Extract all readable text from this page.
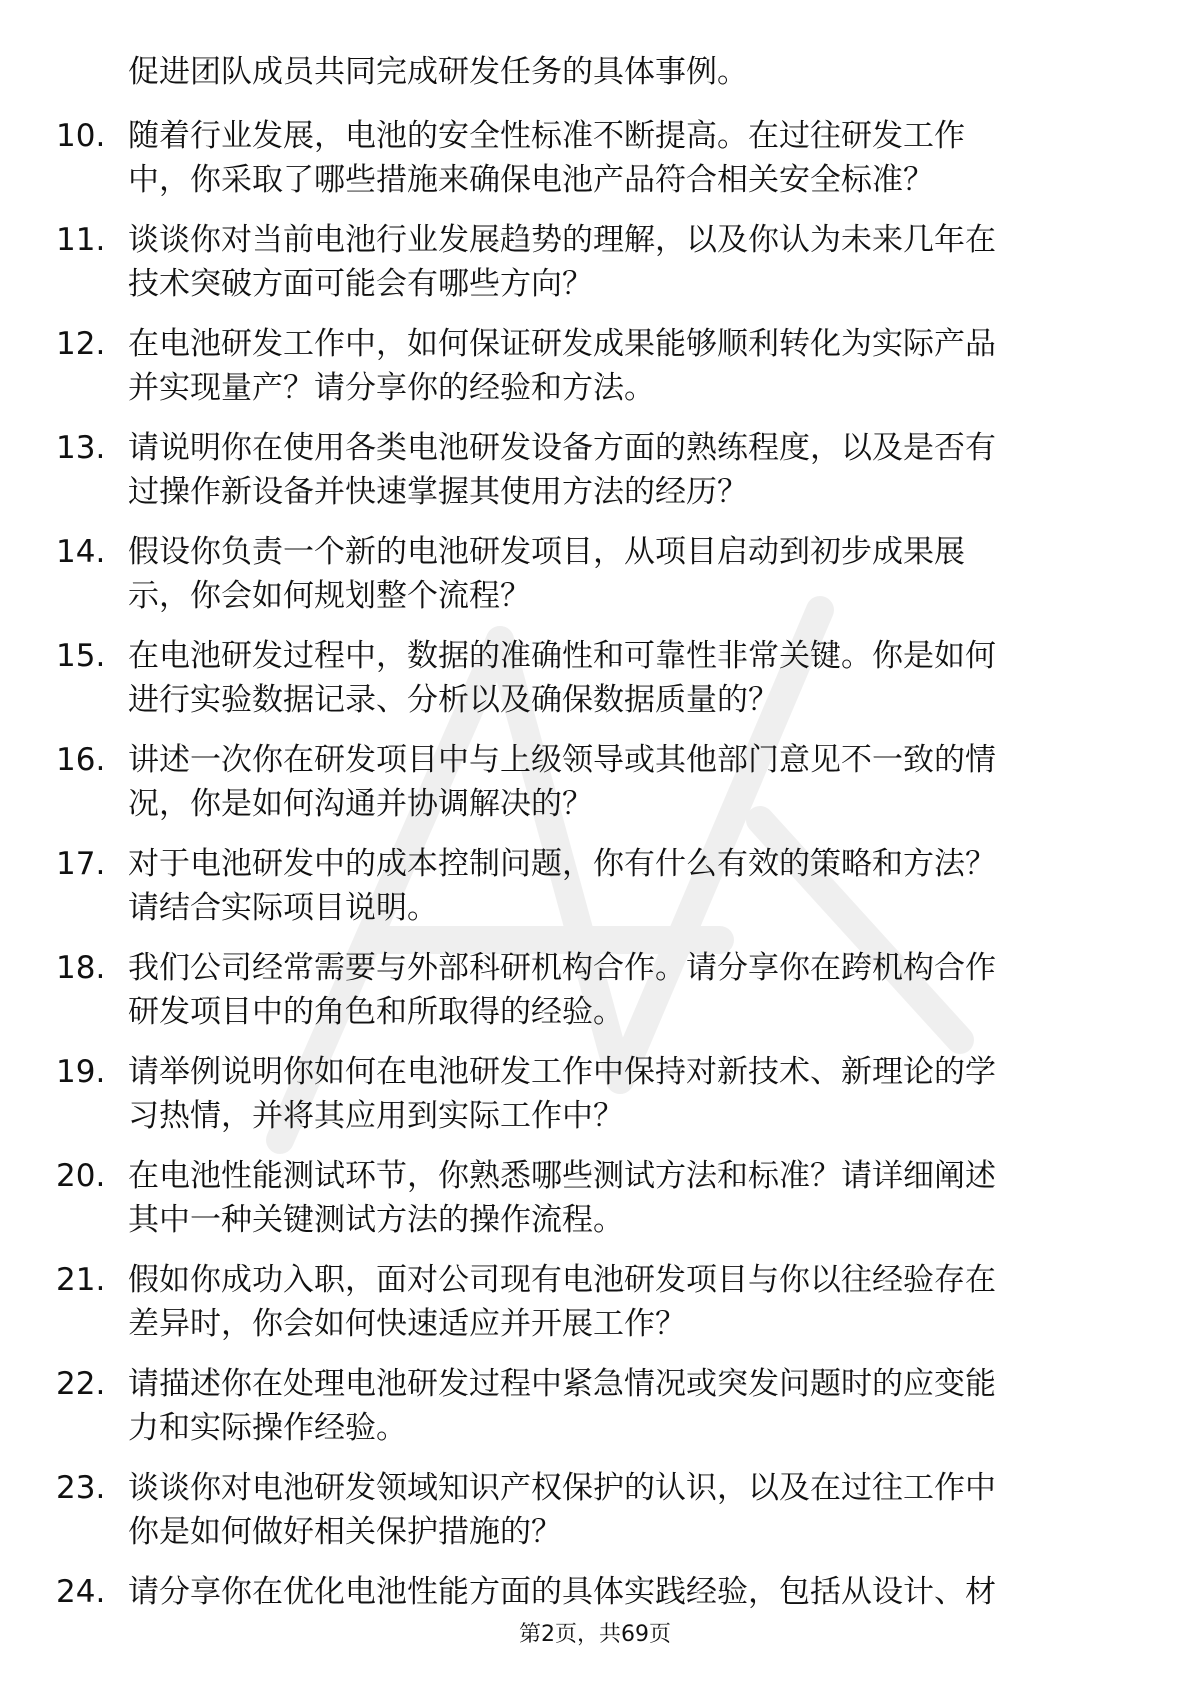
促进团队成员共同完成研发任务的具体事例。
10. 随着行业发展，电池的安全性标准不断提高。在过往研发工作
中，你采取了哪些措施来确保电池产品符合相关安全标准？
11. 谈谈你对当前电池行业发展趋势的理解，以及你认为未来几年在
技术突破方面可能会有哪些方向？
12. 在电池研发工作中，如何保证研发成果能够顺利转化为实际产品
并实现量产？请分享你的经验和方法。
13. 请说明你在使用各类电池研发设备方面的熟练程度，以及是否有
过操作新设备并快速掌握其使用方法的经历？
14. 假设你负责一个新的电池研发项目，从项目启动到初步成果展
示，你会如何规划整个流程？
15. 在电池研发过程中，数据的准确性和可靠性非常关键。你是如何
进行实验数据记录、分析以及确保数据质量的？
16. 讲述一次你在研发项目中与上级领导或其他部门意见不一致的情
况，你是如何沟通并协调解决的？
17. 对于电池研发中的成本控制问题，你有什么有效的策略和方法？
请结合实际项目说明。
18. 我们公司经常需要与外部科研机构合作。请分享你在跨机构合作
研发项目中的角色和所取得的经验。
19. 请举例说明你如何在电池研发工作中保持对新技术、新理论的学
习热情，并将其应用到实际工作中？
20. 在电池性能测试环节，你熟悉哪些测试方法和标准？请详细阐述
其中一种关键测试方法的操作流程。
21. 假如你成功入职，面对公司现有电池研发项目与你以往经验存在
差异时，你会如何快速适应并开展工作？
22. 请描述你在处理电池研发过程中紧急情况或突发问题时的应变能
力和实际操作经验。
23. 谈谈你对电池研发领域知识产权保护的认识，以及在过往工作中
你是如何做好相关保护措施的？
24. 请分享你在优化电池性能方面的具体实践经验，包括从设计、材
第2页，共69页
